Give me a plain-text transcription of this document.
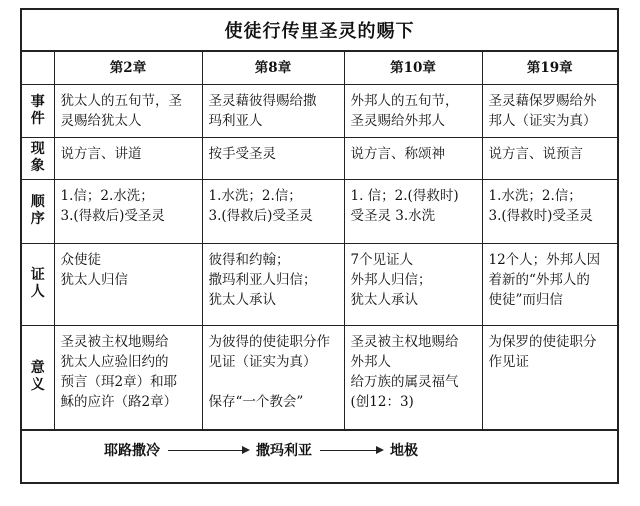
使徒行传里圣灵的赐下
	第2章	第8章	第10章	第19章

事
件	犹太人的五旬节，圣
灵赐给犹太人	圣灵藉彼得赐给撒
玛利亚人	外邦人的五旬节，
圣灵赐给外邦人	圣灵藉保罗赐给外
邦人（证实为真）

现
象	说方言、讲道	按手受圣灵	说方言、称颂神	说方言、说预言

顺
序	1.信；2.水洗；
3.(得救后)受圣灵	1.水洗；2.信；
3.(得救后)受圣灵	1. 信；2.(得救时)
受圣灵 3.水洗	1.水洗；2.信；
3.(得救时)受圣灵

证
人	众使徒
犹太人归信	彼得和约翰；
撒玛利亚人归信；
犹太人承认	7个见证人
外邦人归信；
犹太人承认	12个人；外邦人因
着新的“外邦人的
使徒”而归信

意
义	圣灵被主权地赐给
犹太人应验旧约的
预言（珥2章）和耶
稣的应许（路2章）	为彼得的使徒职分作
见证（证实为真）

保存“一个教会”	圣灵被主权地赐给
外邦人
给万族的属灵福气
(创12：3)	为保罗的使徒职分
作见证
耶路撒冷	撒玛利亚	地极
